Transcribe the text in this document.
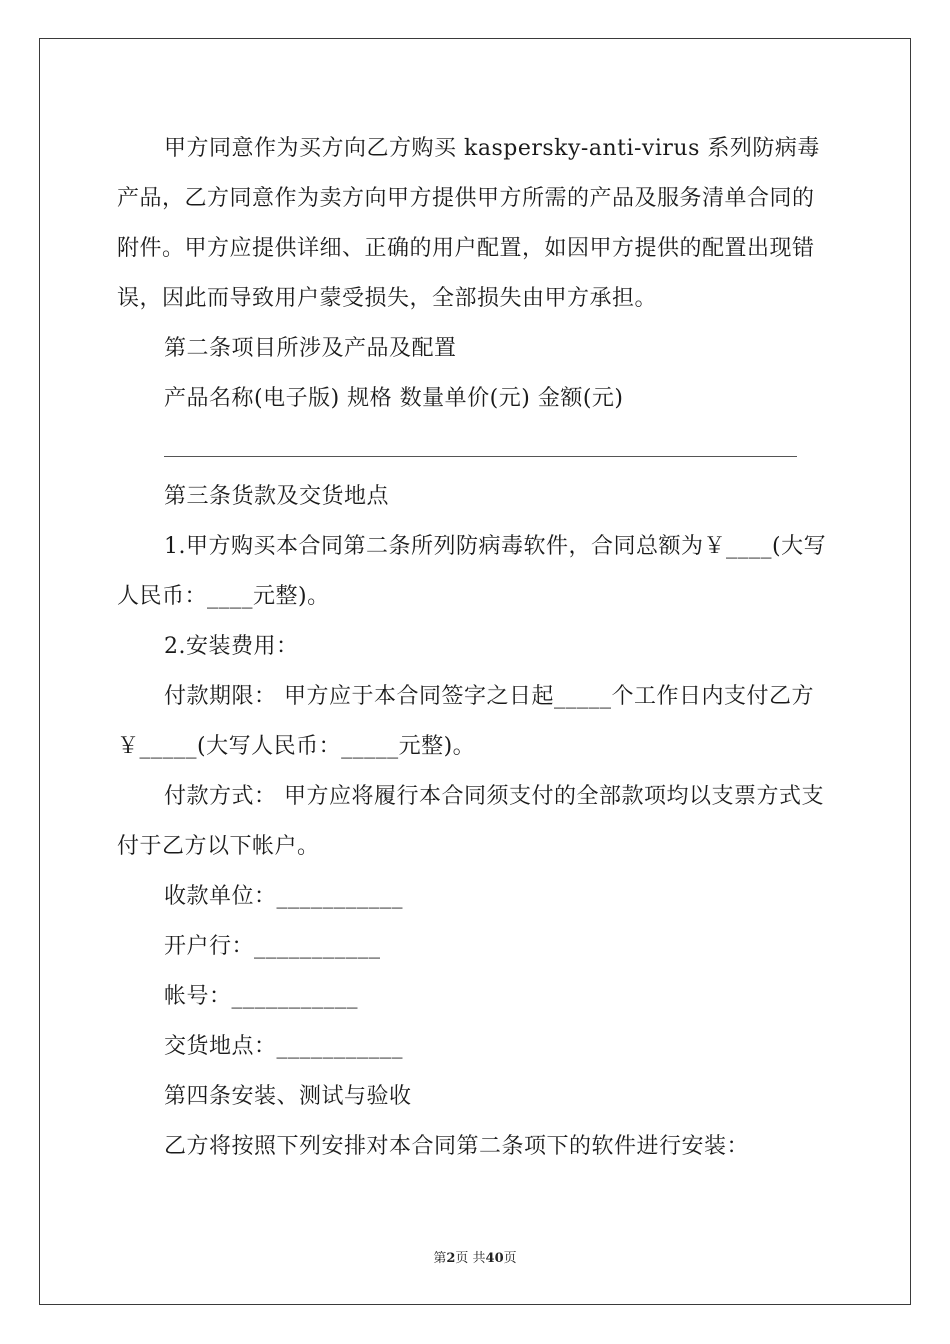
甲方同意作为买方向乙方购买 kaspersky-anti-virus 系列防病毒产品，乙方同意作为卖方向甲方提供甲方所需的产品及服务清单合同的附件。甲方应提供详细、正确的用户配置，如因甲方提供的配置出现错误，因此而导致用户蒙受损失，全部损失由甲方承担。

第二条项目所涉及产品及配置

产品名称(电子版) 规格 数量单价(元) 金额(元)

第三条货款及交货地点

1.甲方购买本合同第二条所列防病毒软件，合同总额为￥____(大写人民币：____元整)。

2.安装费用：

付款期限： 甲方应于本合同签字之日起_____个工作日内支付乙方￥_____(大写人民币：_____元整)。

付款方式： 甲方应将履行本合同须支付的全部款项均以支票方式支付于乙方以下帐户。

收款单位：___________

开户行：___________

帐号：___________

交货地点：___________

第四条安装、测试与验收

乙方将按照下列安排对本合同第二条项下的软件进行安装：

第2页 共40页
